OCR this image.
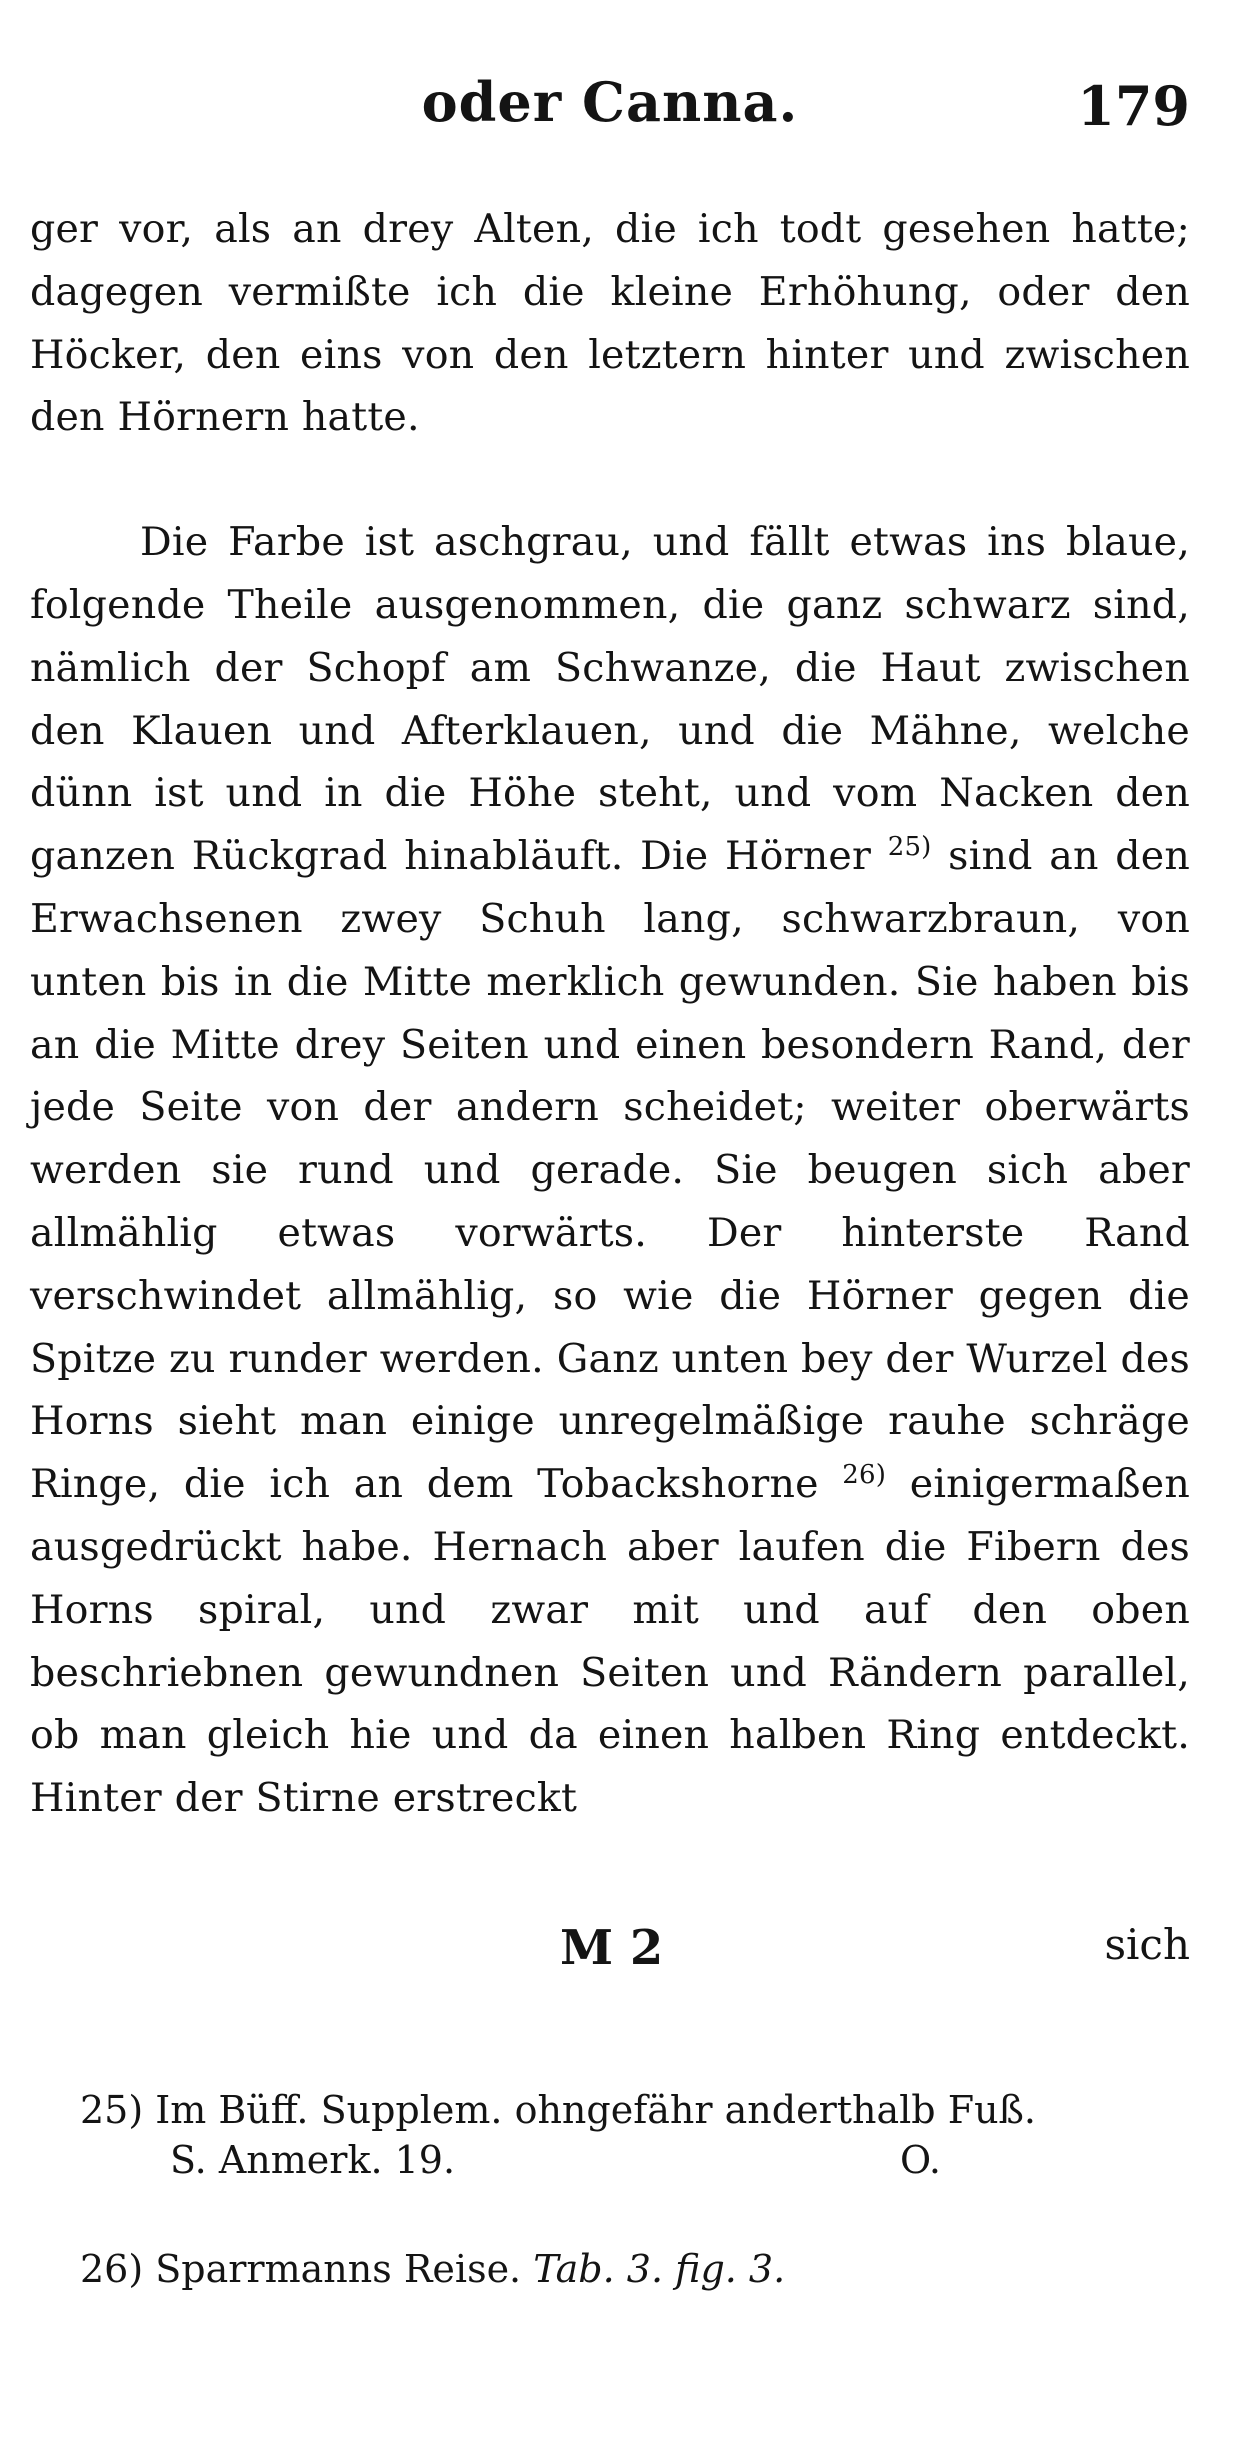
oder Canna.	179

ger vor, als an drey Alten, die ich todt gesehen hatte; dagegen vermißte ich die kleine Erhöhung, oder den Höcker, den eins von den letztern hinter und zwischen den Hörnern hatte.

Die Farbe ist aschgrau, und fällt etwas ins blaue, folgende Theile ausgenommen, die ganz schwarz sind, nämlich der Schopf am Schwanze, die Haut zwischen den Klauen und Afterklauen, und die Mähne, welche dünn ist und in die Höhe steht, und vom Nacken den ganzen Rückgrad hinabläuft. Die Hörner $^{25)}$ sind an den Erwachsenen zwey Schuh lang, schwarzbraun, von unten bis in die Mitte merklich gewunden. Sie haben bis an die Mitte drey Seiten und einen besondern Rand, der jede Seite von der andern scheidet; weiter oberwärts werden sie rund und gerade. Sie beugen sich aber allmählig etwas vorwärts. Der hinterste Rand verschwindet allmählig, so wie die Hörner gegen die Spitze zu runder werden. Ganz unten bey der Wurzel des Horns sieht man einige unregelmäßige rauhe schräge Ringe, die ich an dem Tobackshorne $^{26)}$ einigermaßen ausgedrückt habe. Hernach aber laufen die Fibern des Horns spiral, und zwar mit und auf den oben beschriebnen gewundnen Seiten und Rändern parallel, ob man gleich hie und da einen halben Ring entdeckt. Hinter der Stirne erstreckt

M 2	sich
25) Im Büff. Supplem. ohngefähr anderthalb Fuß.
S. Anmerk. 19.	O.
26) Sparrmanns Reise. Tab. 3. fig. 3.
